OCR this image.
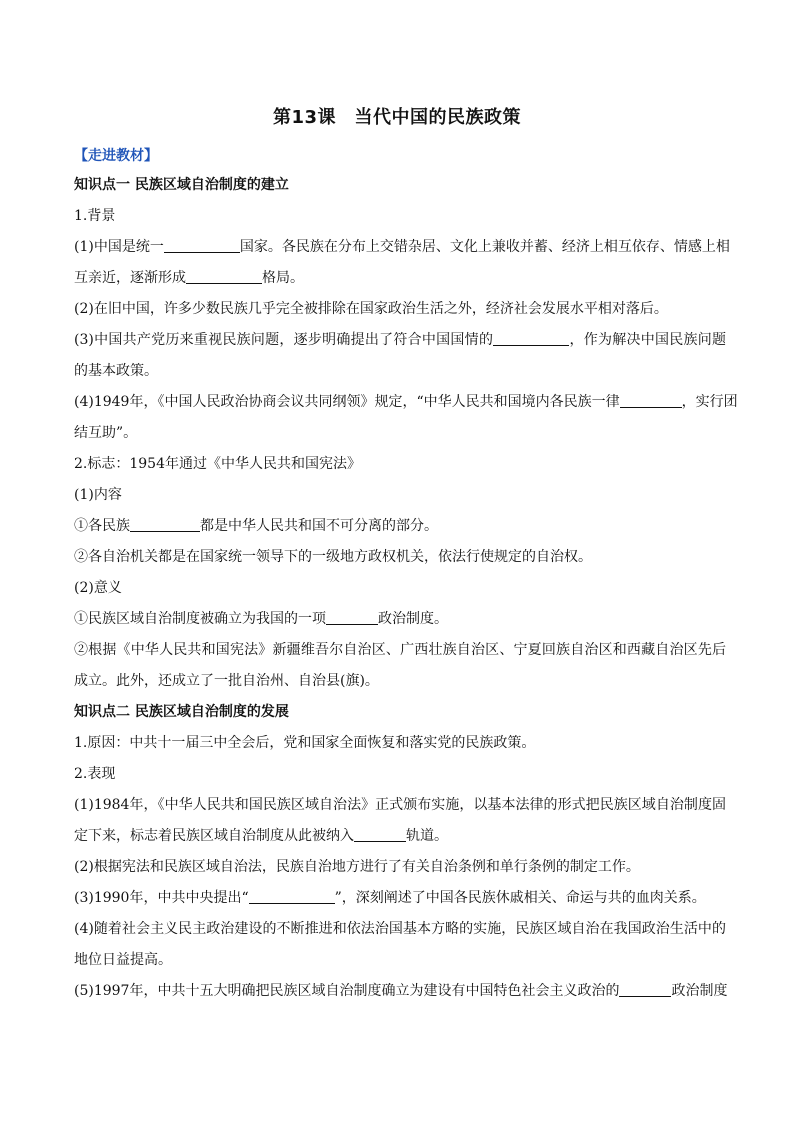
第13课　当代中国的民族政策
【走进教材】
知识点一 民族区域自治制度的建立
1.背景
(1)中国是统一	国家。各民族在分布上交错杂居、文化上兼收并蓄、经济上相互依存、情感上相
互亲近，逐渐形成	格局。
(2)在旧中国，许多少数民族几乎完全被排除在国家政治生活之外，经济社会发展水平相对落后。
(3)中国共产党历来重视民族问题，逐步明确提出了符合中国国情的	，作为解决中国民族问题
的基本政策。
(4)1949年，《中国人民政治协商会议共同纲领》规定，“中华人民共和国境内各民族一律	，实行团
结互助”。
2.标志：1954年通过《中华人民共和国宪法》
(1)内容
①各民族	都是中华人民共和国不可分离的部分。
②各自治机关都是在国家统一领导下的一级地方政权机关，依法行使规定的自治权。
(2)意义
①民族区域自治制度被确立为我国的一项	政治制度。
②根据《中华人民共和国宪法》新疆维吾尔自治区、广西壮族自治区、宁夏回族自治区和西藏自治区先后
成立。此外，还成立了一批自治州、自治县(旗)。
知识点二 民族区域自治制度的发展
1.原因：中共十一届三中全会后，党和国家全面恢复和落实党的民族政策。
2.表现
(1)1984年，《中华人民共和国民族区域自治法》正式颁布实施，以基本法律的形式把民族区域自治制度固
定下来，标志着民族区域自治制度从此被纳入	轨道。
(2)根据宪法和民族区域自治法，民族自治地方进行了有关自治条例和单行条例的制定工作。
(3)1990年，中共中央提出“	”，深刻阐述了中国各民族休戚相关、命运与共的血肉关系。
(4)随着社会主义民主政治建设的不断推进和依法治国基本方略的实施，民族区域自治在我国政治生活中的
地位日益提高。
(5)1997年，中共十五大明确把民族区域自治制度确立为建设有中国特色社会主义政治的	政治制度
